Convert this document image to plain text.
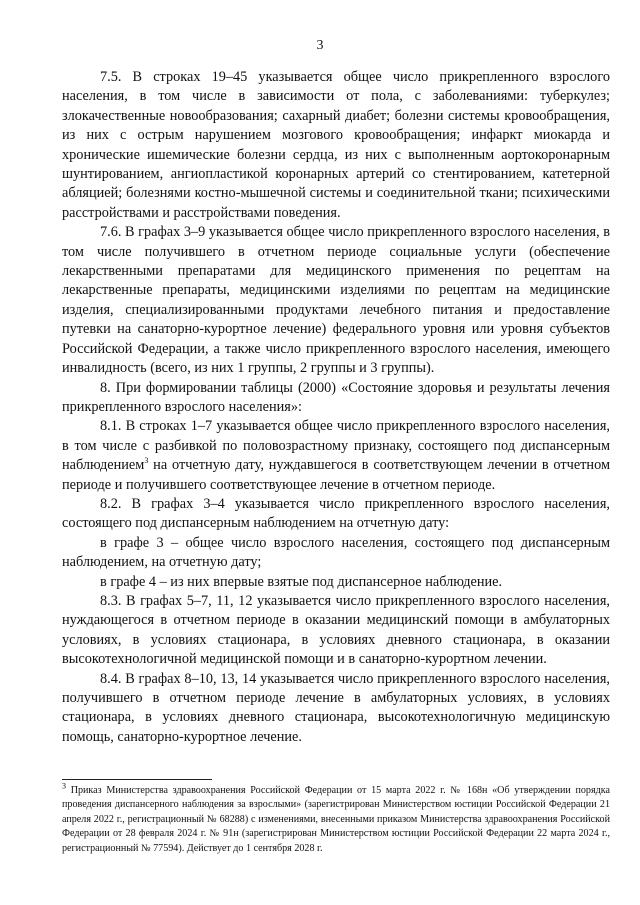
3

7.5. В строках 19–45 указывается общее число прикрепленного взрослого населения, в том числе в зависимости от пола, с заболеваниями: туберкулез; злокачественные новообразования; сахарный диабет; болезни системы кровообращения, из них с острым нарушением мозгового кровообращения; инфаркт миокарда и хронические ишемические болезни сердца, из них с выполненным аортокоронарным шунтированием, ангиопластикой коронарных артерий со стентированием, катетерной абляцией; болезнями костно-мышечной системы и соединительной ткани; психическими расстройствами и расстройствами поведения.

7.6. В графах 3–9 указывается общее число прикрепленного взрослого населения, в том числе получившего в отчетном периоде социальные услуги (обеспечение лекарственными препаратами для медицинского применения по рецептам на лекарственные препараты, медицинскими изделиями по рецептам на медицинские изделия, специализированными продуктами лечебного питания и предоставление путевки на санаторно-курортное лечение) федерального уровня или уровня субъектов Российской Федерации, а также число прикрепленного взрослого населения, имеющего инвалидность (всего, из них 1 группы, 2 группы и 3 группы).

8. При формировании таблицы (2000) «Состояние здоровья и результаты лечения прикрепленного взрослого населения»:

8.1. В строках 1–7 указывается общее число прикрепленного взрослого населения, в том числе с разбивкой по половозрастному признаку, состоящего под диспансерным наблюдением$^3$ на отчетную дату, нуждавшегося в соответствующем лечении в отчетном периоде и получившего соответствующее лечение в отчетном периоде.

8.2. В графах 3–4 указывается число прикрепленного взрослого населения, состоящего под диспансерным наблюдением на отчетную дату:

в графе 3 – общее число взрослого населения, состоящего под диспансерным наблюдением, на отчетную дату;

в графе 4 – из них впервые взятые под диспансерное наблюдение.

8.3. В графах 5–7, 11, 12 указывается число прикрепленного взрослого населения, нуждающегося в отчетном периоде в оказании медицинский помощи в амбулаторных условиях, в условиях стационара, в условиях дневного стационара, в оказании высокотехнологичной медицинской помощи и в санаторно-курортном лечении.

8.4. В графах 8–10, 13, 14 указывается число прикрепленного взрослого населения, получившего в отчетном периоде лечение в амбулаторных условиях, в условиях стационара, в условиях дневного стационара, высокотехнологичную медицинскую помощь, санаторно-курортное лечение.

$^3$ Приказ Министерства здравоохранения Российской Федерации от 15 марта 2022 г. № 168н «Об утверждении порядка проведения диспансерного наблюдения за взрослыми» (зарегистрирован Министерством юстиции Российской Федерации 21 апреля 2022 г., регистрационный № 68288) с изменениями, внесенными приказом Министерства здравоохранения Российской Федерации от 28 февраля 2024 г. № 91н (зарегистрирован Министерством юстиции Российской Федерации 22 марта 2024 г., регистрационный № 77594). Действует до 1 сентября 2028 г.
